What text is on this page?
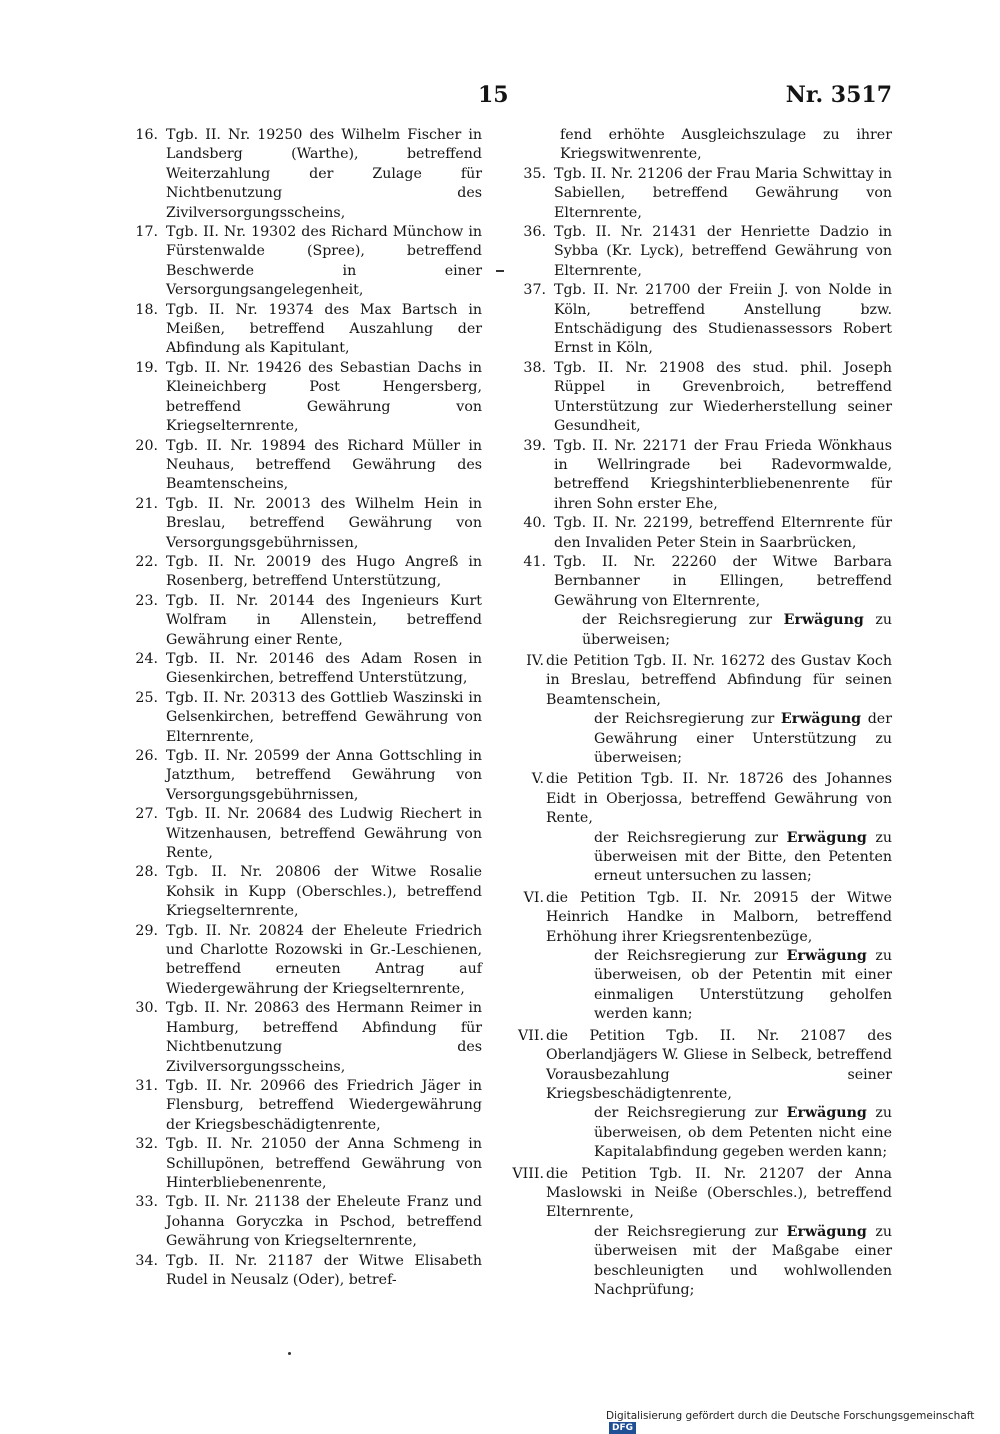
15	Nr. 3517
16. Tgb. II. Nr. 19250 des Wilhelm Fischer in Landsberg (Warthe), betreffend Weiterzahlung der Zulage für Nichtbenutzung des Zivilversorgungsscheins,
17. Tgb. II. Nr. 19302 des Richard Münchow in Fürstenwalde (Spree), betreffend Beschwerde in einer Versorgungsangelegenheit,
18. Tgb. II. Nr. 19374 des Max Bartsch in Meißen, betreffend Auszahlung der Abfindung als Kapitulant,
19. Tgb. II. Nr. 19426 des Sebastian Dachs in Kleineichberg Post Hengersberg, betreffend Gewährung von Kriegselternrente,
20. Tgb. II. Nr. 19894 des Richard Müller in Neuhaus, betreffend Gewährung des Beamtenscheins,
21. Tgb. II. Nr. 20013 des Wilhelm Hein in Breslau, betreffend Gewährung von Versorgungsgebührnissen,
22. Tgb. II. Nr. 20019 des Hugo Angreß in Rosenberg, betreffend Unterstützung,
23. Tgb. II. Nr. 20144 des Ingenieurs Kurt Wolfram in Allenstein, betreffend Gewährung einer Rente,
24. Tgb. II. Nr. 20146 des Adam Rosen in Giesenkirchen, betreffend Unterstützung,
25. Tgb. II. Nr. 20313 des Gottlieb Waszinski in Gelsenkirchen, betreffend Gewährung von Elternrente,
26. Tgb. II. Nr. 20599 der Anna Gottschling in Jatzthum, betreffend Gewährung von Versorgungsgebührnissen,
27. Tgb. II. Nr. 20684 des Ludwig Riechert in Witzenhausen, betreffend Gewährung von Rente,
28. Tgb. II. Nr. 20806 der Witwe Rosalie Kohsik in Kupp (Oberschles.), betreffend Kriegselternrente,
29. Tgb. II. Nr. 20824 der Eheleute Friedrich und Charlotte Rozowski in Gr.-Leschienen, betreffend erneuten Antrag auf Wiedergewährung der Kriegselternrente,
30. Tgb. II. Nr. 20863 des Hermann Reimer in Hamburg, betreffend Abfindung für Nichtbenutzung des Zivilversorgungsscheins,
31. Tgb. II. Nr. 20966 des Friedrich Jäger in Flensburg, betreffend Wiedergewährung der Kriegsbeschädigtenrente,
32. Tgb. II. Nr. 21050 der Anna Schmeng in Schillupönen, betreffend Gewährung von Hinterbliebenenrente,
33. Tgb. II. Nr. 21138 der Eheleute Franz und Johanna Goryczka in Pschod, betreffend Gewährung von Kriegselternrente,
34. Tgb. II. Nr. 21187 der Witwe Elisabeth Rudel in Neusalz (Oder), betref-
fend erhöhte Ausgleichszulage zu ihrer Kriegswitwenrente,
35. Tgb. II. Nr. 21206 der Frau Maria Schwittay in Sabiellen, betreffend Gewährung von Elternrente,
36. Tgb. II. Nr. 21431 der Henriette Dadzio in Sybba (Kr. Lyck), betreffend Gewährung von Elternrente,
37. Tgb. II. Nr. 21700 der Freiin J. von Nolde in Köln, betreffend Anstellung bzw. Entschädigung des Studienassessors Robert Ernst in Köln,
38. Tgb. II. Nr. 21908 des stud. phil. Joseph Rüppel in Grevenbroich, betreffend Unterstützung zur Wiederherstellung seiner Gesundheit,
39. Tgb. II. Nr. 22171 der Frau Frieda Wönkhaus in Wellringrade bei Radevormwalde, betreffend Kriegshinterbliebenenrente für ihren Sohn erster Ehe,
40. Tgb. II. Nr. 22199, betreffend Elternrente für den Invaliden Peter Stein in Saarbrücken,
41. Tgb. II. Nr. 22260 der Witwe Barbara Bernbanner in Ellingen, betreffend Gewährung von Elternrente,
der Reichsregierung zur Erwägung zu überweisen;
IV. die Petition Tgb. II. Nr. 16272 des Gustav Koch in Breslau, betreffend Abfindung für seinen Beamtenschein,
der Reichsregierung zur Erwägung der Gewährung einer Unterstützung zu überweisen;
V. die Petition Tgb. II. Nr. 18726 des Johannes Eidt in Oberjossa, betreffend Gewährung von Rente,
der Reichsregierung zur Erwägung zu überweisen mit der Bitte, den Petenten erneut untersuchen zu lassen;
VI. die Petition Tgb. II. Nr. 20915 der Witwe Heinrich Handke in Malborn, betreffend Erhöhung ihrer Kriegsrentenbezüge,
der Reichsregierung zur Erwägung zu überweisen, ob der Petentin mit einer einmaligen Unterstützung geholfen werden kann;
VII. die Petition Tgb. II. Nr. 21087 des Oberlandjägers W. Gliese in Selbeck, betreffend Vorausbezahlung seiner Kriegsbeschädigtenrente,
der Reichsregierung zur Erwägung zu überweisen, ob dem Petenten nicht eine Kapitalabfindung gegeben werden kann;
VIII. die Petition Tgb. II. Nr. 21207 der Anna Maslowski in Neiße (Oberschles.), betreffend Elternrente,
der Reichsregierung zur Erwägung zu überweisen mit der Maßgabe einer beschleunigten und wohlwollenden Nachprüfung;
Digitalisierung gefördert durch die Deutsche Forschungsgemeinschaft DFG
